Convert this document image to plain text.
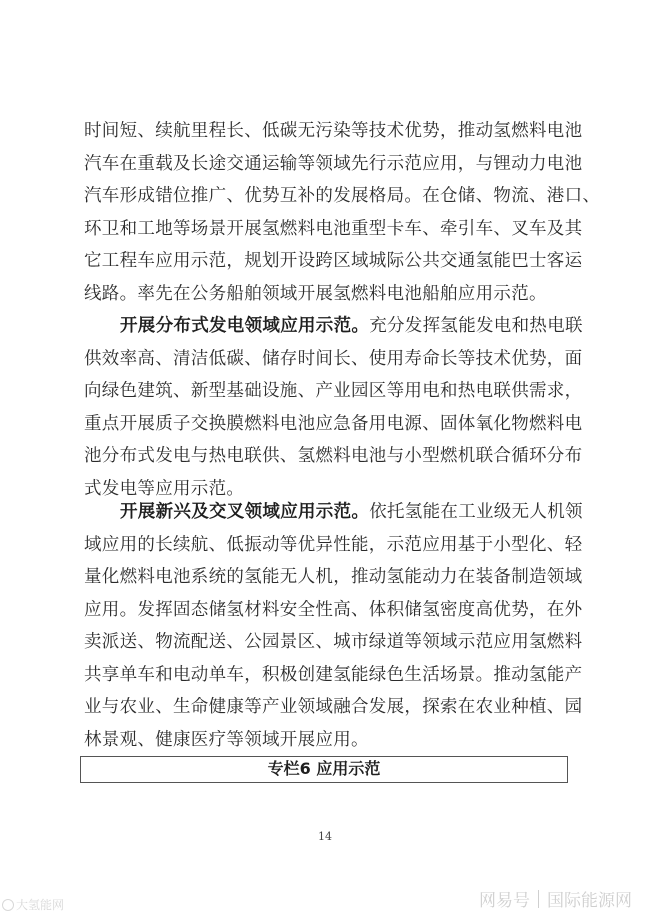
时间短、续航里程长、低碳无污染等技术优势，推动氢燃料电池
汽车在重载及长途交通运输等领域先行示范应用，与锂动力电池
汽车形成错位推广、优势互补的发展格局。在仓储、物流、港口、
环卫和工地等场景开展氢燃料电池重型卡车、牵引车、叉车及其
它工程车应用示范，规划开设跨区域城际公共交通氢能巴士客运
线路。率先在公务船舶领域开展氢燃料电池船舶应用示范。
开展分布式发电领域应用示范。充分发挥氢能发电和热电联
供效率高、清洁低碳、储存时间长、使用寿命长等技术优势，面
向绿色建筑、新型基础设施、产业园区等用电和热电联供需求，
重点开展质子交换膜燃料电池应急备用电源、固体氧化物燃料电
池分布式发电与热电联供、氢燃料电池与小型燃机联合循环分布
式发电等应用示范。
开展新兴及交叉领域应用示范。依托氢能在工业级无人机领
域应用的长续航、低振动等优异性能，示范应用基于小型化、轻
量化燃料电池系统的氢能无人机，推动氢能动力在装备制造领域
应用。发挥固态储氢材料安全性高、体积储氢密度高优势，在外
卖派送、物流配送、公园景区、城市绿道等领域示范应用氢燃料
共享单车和电动单车，积极创建氢能绿色生活场景。推动氢能产
业与农业、生命健康等产业领域融合发展，探索在农业种植、园
林景观、健康医疗等领域开展应用。
专栏6 应用示范
14
大氢能网	网易号 国际能源网
